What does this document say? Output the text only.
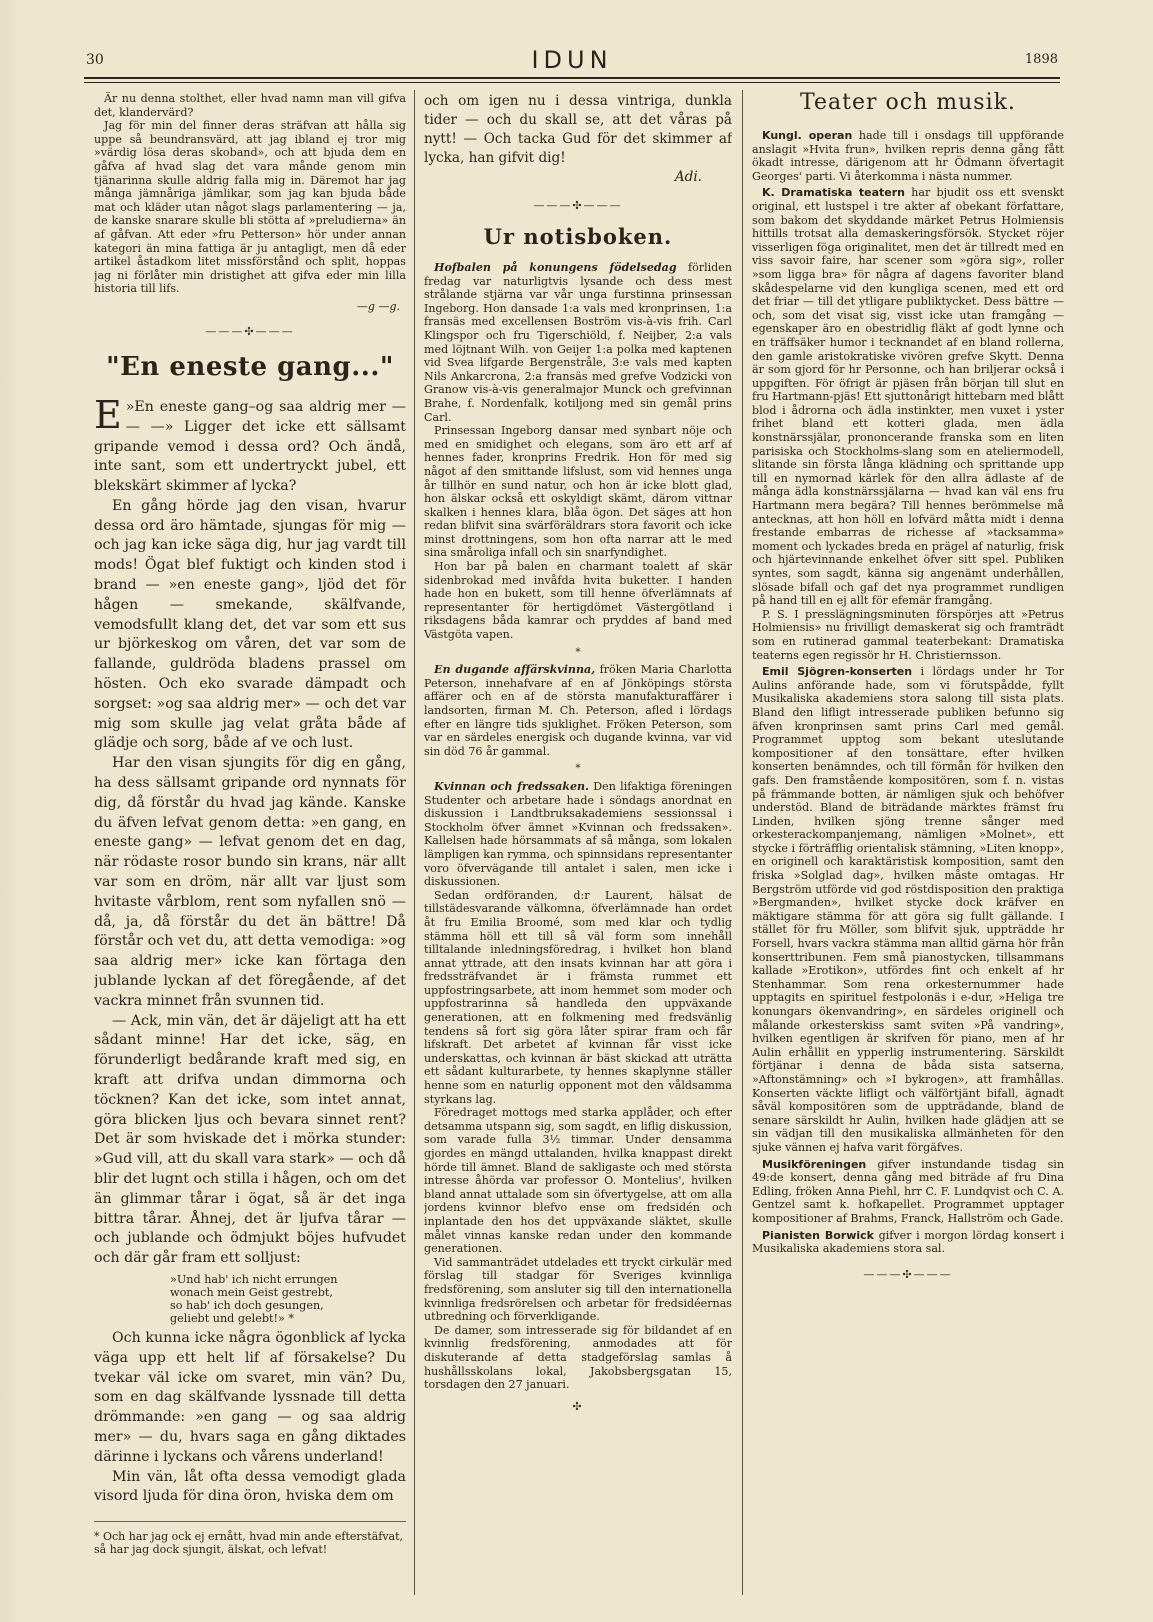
30	IDUN	1898

Är nu denna stolthet, eller hvad namn man vill gifva det, klandervärd?

Jag för min del finner deras sträfvan att hålla sig uppe så beundransvärd, att jag ibland ej tror mig »värdig lösa deras skoband», och att bjuda dem en gåfva af hvad slag det vara månde genom min tjänarinna skulle aldrig falla mig in. Däremot har jag många jämnåriga jämlikar, som jag kan bjuda både mat och kläder utan något slags parlamentering — ja, de kanske snarare skulle bli stötta af »preludierna» än af gåfvan. Att eder »fru Petterson» hör under annan kategori än mina fattiga är ju antagligt, men då eder artikel åstadkom litet missförstånd och split, hoppas jag ni förlåter min dristighet att gifva eder min lilla historia till lifs.

—g —g.
———✣———
"En eneste gang..."

E »En eneste gang–og saa aldrig mer — — —» Ligger det icke ett sällsamt gripande vemod i dessa ord? Och ändå, inte sant, som ett undertryckt jubel, ett blekskärt skimmer af lycka?

En gång hörde jag den visan, hvarur dessa ord äro hämtade, sjungas för mig — och jag kan icke säga dig, hur jag vardt till mods! Ögat blef fuktigt och kinden stod i brand — »en eneste gang», ljöd det för hågen — smekande, skälfvande, vemodsfullt klang det, det var som ett sus ur björkeskog om våren, det var som de fallande, guldröda bladens prassel om hösten. Och eko svarade dämpadt och sorgset: »og saa aldrig mer» — och det var mig som skulle jag velat gråta både af glädje och sorg, både af ve och lust.

Har den visan sjungits för dig en gång, ha dess sällsamt gripande ord nynnats för dig, då förstår du hvad jag kände. Kanske du äfven lefvat genom detta: »en gang, en eneste gang» — lefvat genom det en dag, när rödaste rosor bundo sin krans, när allt var som en dröm, när allt var ljust som hvitaste vårblom, rent som nyfallen snö — då, ja, då förstår du det än bättre! Då förstår och vet du, att detta vemodiga: »og saa aldrig mer» icke kan förtaga den jublande lyckan af det föregående, af det vackra minnet från svunnen tid.

— Ack, min vän, det är däjeligt att ha ett sådant minne! Har det icke, säg, en förunderligt bedårande kraft med sig, en kraft att drifva undan dimmorna och töcknen? Kan det icke, som intet annat, göra blicken ljus och bevara sinnet rent? Det är som hviskade det i mörka stunder: »Gud vill, att du skall vara stark» — och då blir det lugnt och stilla i hågen, och om det än glimmar tårar i ögat, så är det inga bittra tårar. Åhnej, det är ljufva tårar — och jublande och ödmjukt böjes hufvudet och där går fram ett solljust:

»Und hab' ich nicht errungen
wonach mein Geist gestrebt,
so hab' ich doch gesungen,
geliebt und gelebt!» *

Och kunna icke några ögonblick af lycka väga upp ett helt lif af försakelse? Du tvekar väl icke om svaret, min vän? Du, som en dag skälfvande lyssnade till detta drömmande: »en gang — og saa aldrig mer» — du, hvars saga en gång diktades därinne i lyckans och vårens underland!

Min vän, låt ofta dessa vemodigt glada visord ljuda för dina öron, hviska dem om

* Och har jag ock ej ernått, hvad min ande efterstäfvat, så har jag dock sjungit, älskat, och lefvat!

och om igen nu i dessa vintriga, dunkla tider — och du skall se, att det våras på nytt! — Och tacka Gud för det skimmer af lycka, han gifvit dig!

Adi.
———✣———
Ur notisboken.

Hofbalen på konungens födelsedag förliden fredag var naturligtvis lysande och dess mest strålande stjärna var vår unga furstinna prinsessan Ingeborg. Hon dansade 1:a vals med kronprinsen, 1:a fransäs med excellensen Boström vis-à-vis frih. Carl Klingspor och fru Tigerschiöld, f. Neijber, 2:a vals med löjtnant Wilh. von Geijer 1:a polka med kaptenen vid Svea lifgarde Bergenstråle, 3:e vals med kapten Nils Ankarcrona, 2:a fransäs med grefve Vodzicki von Granow vis-à-vis generalmajor Munck och grefvinnan Brahe, f. Nordenfalk, kotiljong med sin gemål prins Carl.

Prinsessan Ingeborg dansar med synbart nöje och med en smidighet och elegans, som äro ett arf af hennes fader, kronprins Fredrik. Hon för med sig något af den smittande lifslust, som vid hennes unga år tillhör en sund natur, och hon är icke blott glad, hon älskar också ett oskyldigt skämt, därom vittnar skalken i hennes klara, blåa ögon. Det säges att hon redan blifvit sina svärföräldrars stora favorit och icke minst drottningens, som hon ofta narrar att le med sina småroliga infall och sin snarfyndighet.

Hon bar på balen en charmant toalett af skär sidenbrokad med invåfda hvita buketter. I handen hade hon en bukett, som till henne öfverlämnats af representanter för hertigdömet Västergötland i riksdagens båda kamrar och pryddes af band med Västgöta vapen.

*

En dugande affärskvinna, fröken Maria Charlotta Peterson, innehafvare af en af Jönköpings största affärer och en af de största manufakturaffärer i landsorten, firman M. Ch. Peterson, afled i lördags efter en längre tids sjuklighet. Fröken Peterson, som var en särdeles energisk och dugande kvinna, var vid sin död 76 år gammal.

*

Kvinnan och fredssaken. Den lifaktiga föreningen Studenter och arbetare hade i söndags anordnat en diskussion i Landtbruksakademiens sessionssal i Stockholm öfver ämnet »Kvinnan och fredssaken». Kallelsen hade hörsammats af så många, som lokalen lämpligen kan rymma, och spinnsidans representanter voro öfvervägande till antalet i salen, men icke i diskussionen.

Sedan ordföranden, d:r Laurent, hälsat de tillstädesvarande välkomna, öfverlämnade han ordet åt fru Emilia Broomé, som med klar och tydlig stämma höll ett till så väl form som innehåll tilltalande inledningsföredrag, i hvilket hon bland annat yttrade, att den insats kvinnan har att göra i fredssträfvandet är i främsta rummet ett uppfostringsarbete, att inom hemmet som moder och uppfostrarinna så handleda den uppväxande generationen, att en folkmening med fredsvänlig tendens så fort sig göra låter spirar fram och får lifskraft. Det arbetet af kvinnan får visst icke underskattas, och kvinnan är bäst skickad att uträtta ett sådant kulturarbete, ty hennes skaplynne ställer henne som en naturlig opponent mot den våldsamma styrkans lag.

Föredraget mottogs med starka applåder, och efter detsamma utspann sig, som sagdt, en liflig diskussion, som varade fulla 3½ timmar. Under densamma gjordes en mängd uttalanden, hvilka knappast direkt hörde till ämnet. Bland de sakligaste och med största intresse åhörda var professor O. Montelius', hvilken bland annat uttalade som sin öfvertygelse, att om alla jordens kvinnor blefvo ense om fredsidén och inplantade den hos det uppväxande släktet, skulle målet vinnas kanske redan under den kommande generationen.

Vid sammanträdet utdelades ett tryckt cirkulär med förslag till stadgar för Sveriges kvinnliga fredsförening, som ansluter sig till den internationella kvinnliga fredsrörelsen och arbetar för fredsidéernas utbredning och förverkligande.

De damer, som intresserade sig för bildandet af en kvinnlig fredsförening, anmodades att för diskuterande af detta stadgeförslag samlas å hushållsskolans lokal, Jakobsbergsgatan 15, torsdagen den 27 januari.

✣
Teater och musik.

Kungl. operan hade till i onsdags till uppförande anslagit »Hvita frun», hvilken repris denna gång fått ökadt intresse, därigenom att hr Ödmann öfvertagit Georges' parti. Vi återkomma i nästa nummer.

K. Dramatiska teatern har bjudit oss ett svenskt original, ett lustspel i tre akter af obekant författare, som bakom det skyddande märket Petrus Holmiensis hittills trotsat alla demaskeringsförsök. Stycket röjer visserligen föga originalitet, men det är tillredt med en viss savoir faire, har scener som »göra sig», roller »som ligga bra» för några af dagens favoriter bland skådespelarne vid den kungliga scenen, med ett ord det friar — till det ytligare publiktycket. Dess bättre — och, som det visat sig, visst icke utan framgång — egenskaper äro en obestridlig fläkt af godt lynne och en träffsäker humor i tecknandet af en bland rollerna, den gamle aristokratiske vivören grefve Skytt. Denna är som gjord för hr Personne, och han briljerar också i uppgiften. För öfrigt är pjäsen från början till slut en fru Hartmann-pjäs! Ett sjuttonårigt hittebarn med blått blod i ådrorna och ädla instinkter, men vuxet i yster frihet bland ett kotteri glada, men ädla konstnärssjälar, prononcerande franska som en liten parisiska och Stockholms-slang som en ateliermodell, slitande sin första långa klädning och sprittande upp till en nymornad kärlek för den allra ädlaste af de många ädla konstnärssjälarna — hvad kan väl ens fru Hartmann mera begära? Till hennes berömmelse må antecknas, att hon höll en lofvärd måtta midt i denna frestande embarras de richesse af »tacksamma» moment och lyckades breda en prägel af naturlig, frisk och hjärtevinnande enkelhet öfver sitt spel. Publiken syntes, som sagdt, känna sig angenämt underhållen, slösade bifall och gaf det nya programmet rundligen på hand till en ej allt för efemär framgång.

P. S. I presslägningsminuten förspörjes att »Petrus Holmiensis» nu frivilligt demaskerat sig och framträdt som en rutinerad gammal teaterbekant: Dramatiska teaterns egen regissör hr H. Christiernsson.

Emil Sjögren-konserten i lördags under hr Tor Aulins anförande hade, som vi förutspådde, fyllt Musikaliska akademiens stora salong till sista plats. Bland den lifligt intresserade publiken befunno sig äfven kronprinsen samt prins Carl med gemål. Programmet upptog som bekant uteslutande kompositioner af den tonsättare, efter hvilken konserten benämndes, och till förmån för hvilken den gafs. Den framstående kompositören, som f. n. vistas på främmande botten, är nämligen sjuk och behöfver understöd. Bland de biträdande märktes främst fru Linden, hvilken sjöng trenne sånger med orkesterackompanjemang, nämligen »Molnet», ett stycke i förträfflig orientalisk stämning, »Liten knopp», en originell och karaktäristisk komposition, samt den friska »Solglad dag», hvilken måste omtagas. Hr Bergström utförde vid god röstdisposition den praktiga »Bergmanden», hvilket stycke dock kräfver en mäktigare stämma för att göra sig fullt gällande. I stället för fru Möller, som blifvit sjuk, uppträdde hr Forsell, hvars vackra stämma man alltid gärna hör från konserttribunen. Fem små pianostycken, tillsammans kallade »Erotikon», utfördes fint och enkelt af hr Stenhammar. Som rena orkesternummer hade upptagits en spirituel festpolonäs i e-dur, »Heliga tre konungars ökenvandring», en särdeles originell och målande orkesterskiss samt sviten »På vandring», hvilken egentligen är skrifven för piano, men af hr Aulin erhållit en ypperlig instrumentering. Särskildt förtjänar i denna de båda sista satserna, »Aftonstämning» och »I bykrogen», att framhållas. Konserten väckte lifligt och välförtjänt bifall, ägnadt såväl kompositören som de uppträdande, bland de senare särskildt hr Aulin, hvilken hade glädjen att se sin vädjan till den musikaliska allmänheten för den sjuke vännen ej hafva varit förgäfves.

Musikföreningen gifver instundande tisdag sin 49:de konsert, denna gång med biträde af fru Dina Edling, fröken Anna Piehl, hrr C. F. Lundqvist och C. A. Gentzel samt k. hofkapellet. Programmet upptager kompositioner af Brahms, Franck, Hallström och Gade.

Pianisten Borwick gifver i morgon lördag konsert i Musikaliska akademiens stora sal.

———✣———
